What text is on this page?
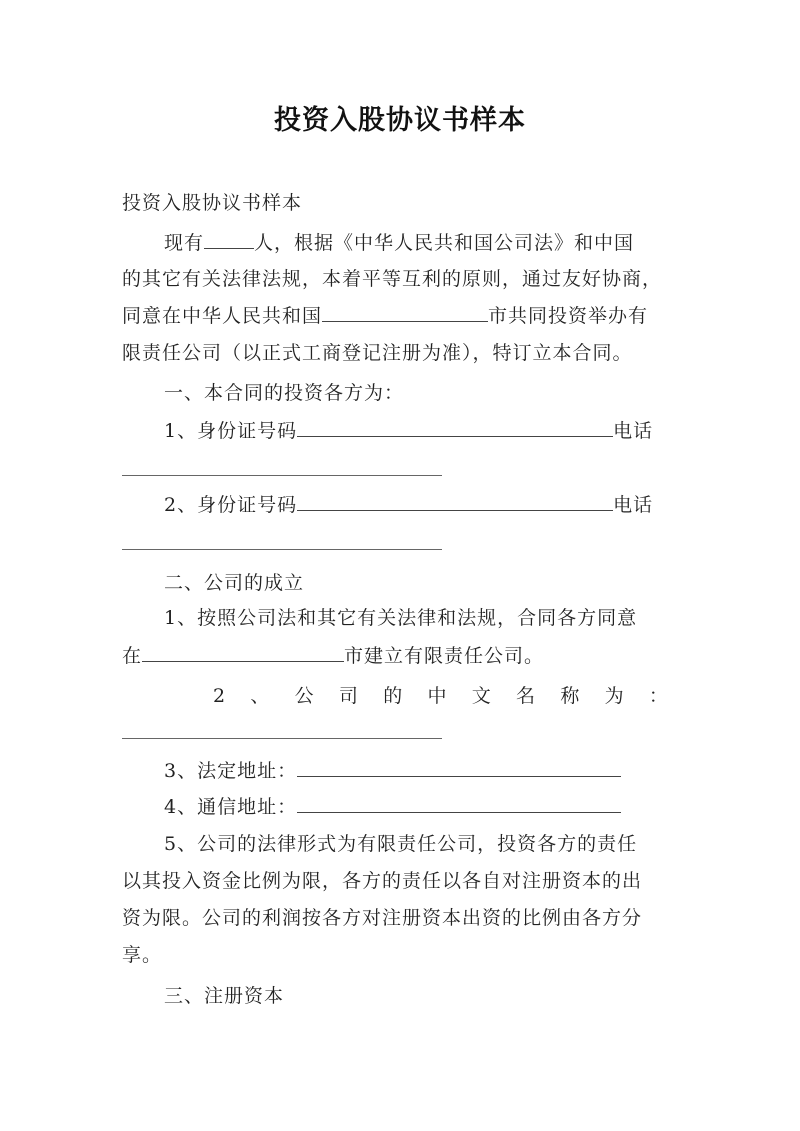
投资入股协议书样本
投资入股协议书样本
现有	人，根据《中华人民共和国公司法》和中国
的其它有关法律法规，本着平等互利的原则，通过友好协商，
同意在中华人民共和国	市共同投资举办有
限责任公司（以正式工商登记注册为准），特订立本合同。
一、本合同的投资各方为：
1、身份证号码	电话
2、身份证号码	电话
二、公司的成立
1、按照公司法和其它有关法律和法规，合同各方同意
在	市建立有限责任公司。
2 、 公 司 的 中 文 名 称 为 ：
3、法定地址：
4、通信地址：
5、公司的法律形式为有限责任公司，投资各方的责任
以其投入资金比例为限，各方的责任以各自对注册资本的出
资为限。公司的利润按各方对注册资本出资的比例由各方分
享。
三、注册资本
